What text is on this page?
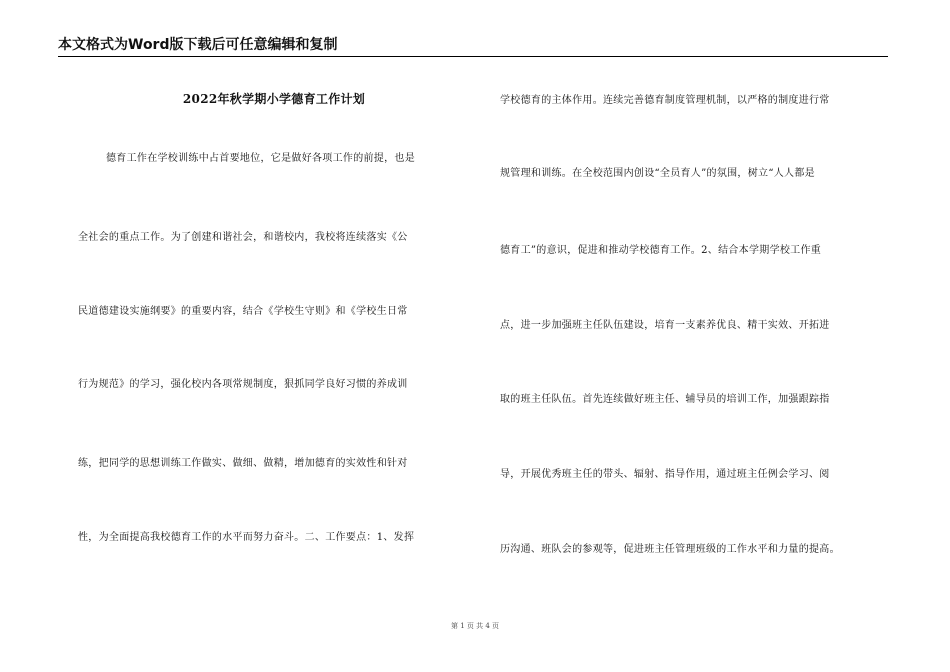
本文格式为Word版下载后可任意编辑和复制
2022年秋学期小学德育工作计划
德育工作在学校训练中占首要地位，它是做好各项工作的前提，也是
全社会的重点工作。为了创建和谐社会，和谐校内，我校将连续落实《公
民道德建设实施纲要》的重要内容，结合《学校生守则》和《学校生日常
行为规范》的学习，强化校内各项常规制度，狠抓同学良好习惯的养成训
练，把同学的思想训练工作做实、做细、做精，增加德育的实效性和针对
性，为全面提高我校德育工作的水平而努力奋斗。二、工作要点：1、发挥
学校德育的主体作用。连续完善德育制度管理机制，以严格的制度进行常
规管理和训练。在全校范围内创设“全员育人”的氛围，树立“人人都是
德育工”的意识，促进和推动学校德育工作。2、结合本学期学校工作重
点，进一步加强班主任队伍建设，培育一支素养优良、精干实效、开拓进
取的班主任队伍。首先连续做好班主任、辅导员的培训工作，加强跟踪指
导，开展优秀班主任的带头、辐射、指导作用，通过班主任例会学习、阅
历沟通、班队会的参观等，促进班主任管理班级的工作水平和力量的提高。
第 1 页 共 4 页
